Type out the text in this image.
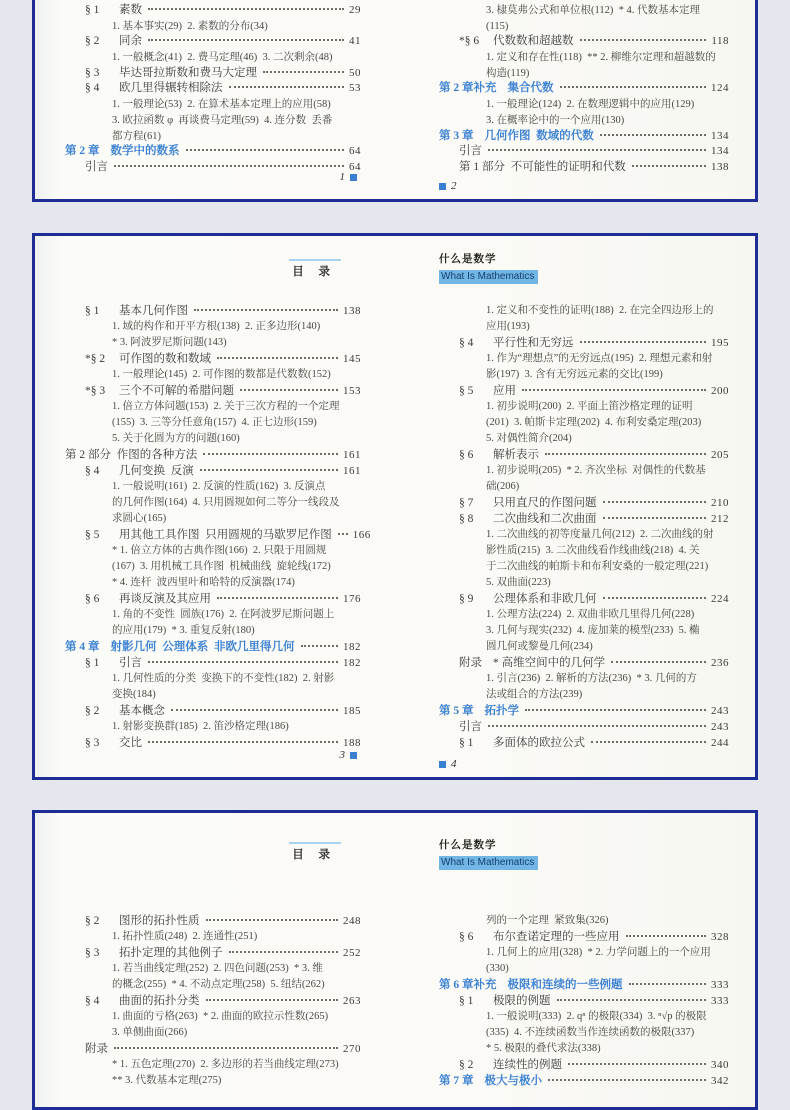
§ 1	素数	29
1. 基本事实(29)  2. 素数的分布(34)
§ 2	同余	41
1. 一般概念(41)  2. 费马定理(46)  3. 二次剩余(48)
§ 3	毕达哥拉斯数和费马大定理	50
§ 4	欧几里得辗转相除法	53
1. 一般理论(53)  2. 在算术基本定理上的应用(58)
3. 欧拉函数 φ  再谈费马定理(59)  4. 连分数  丢番
都方程(61)
第 2 章 数学中的数系	64
引言	64
1
3. 棣莫弗公式和单位根(112)  * 4. 代数基本定理
(115)
*§ 6 代数数和超越数	118
1. 定义和存在性(118)  ** 2. 柳维尔定理和超越数的
构造(119)
第 2 章补充 集合代数	124
1. 一般理论(124)  2. 在数理逻辑中的应用(129)
3. 在概率论中的一个应用(130)
第 3 章 几何作图  数域的代数	134
引言	134
第 1 部分  不可能性的证明和代数	138
2
目  录
§ 1	基本几何作图	138
1. 域的构作和开平方根(138)  2. 正多边形(140)
* 3. 阿波罗尼斯问题(143)
*§ 2 可作图的数和数域	145
1. 一般理论(145)  2. 可作图的数都是代数数(152)
*§ 3 三个不可解的希腊问题	153
1. 倍立方体问题(153)  2. 关于三次方程的一个定理
(155)  3. 三等分任意角(157)  4. 正七边形(159)
5. 关于化圆为方的问题(160)
第 2 部分  作图的各种方法	161
§ 4	几何变换  反演	161
1. 一般说明(161)  2. 反演的性质(162)  3. 反演点
的几何作图(164)  4. 只用圆规如何二等分一线段及
求圆心(165)
§ 5	用其他工具作图  只用圆规的马歇罗尼作图 166
* 1. 倍立方体的古典作图(166)  2. 只限于用圆规
(167)  3. 用机械工具作图  机械曲线  旋轮线(172)
* 4. 连杆  波西里叶和哈特的反演器(174)
§ 6	再谈反演及其应用	176
1. 角的不变性  圆族(176)  2. 在阿波罗尼斯问题上
的应用(179)  * 3. 重复反射(180)
第 4 章 射影几何  公理体系  非欧几里得几何	182
§ 1	引言	182
1. 几何性质的分类  变换下的不变性(182)  2. 射影
变换(184)
§ 2	基本概念	185
1. 射影变换群(185)  2. 笛沙格定理(186)
§ 3	交比	188
3
什么是数学
What Is Mathematics
1. 定义和不变性的证明(188)  2. 在完全四边形上的
应用(193)
§ 4	平行性和无穷远	195
1. 作为“理想点”的无穷远点(195)  2. 理想元素和射
影(197)  3. 含有无穷远元素的交比(199)
§ 5	应用	200
1. 初步说明(200)  2. 平面上笛沙格定理的证明
(201)  3. 帕斯卡定理(202)  4. 布利安桑定理(203)
5. 对偶性简介(204)
§ 6	解析表示	205
1. 初步说明(205)  * 2. 齐次坐标  对偶性的代数基
础(206)
§ 7	只用直尺的作图问题	210
§ 8	二次曲线和二次曲面	212
1. 二次曲线的初等度量几何(212)  2. 二次曲线的射
影性质(215)  3. 二次曲线看作线曲线(218)  4. 关
于二次曲线的帕斯卡和布利安桑的一般定理(221)
5. 双曲面(223)
§ 9	公理体系和非欧几何	224
1. 公理方法(224)  2. 双曲非欧几里得几何(228)
3. 几何与现实(232)  4. 庞加莱的模型(233)  5. 椭
圆几何或黎曼几何(234)
附录 * 高维空间中的几何学	236
1. 引言(236)  2. 解析的方法(236)  * 3. 几何的方
法或组合的方法(239)
第 5 章 拓扑学	243
引言	243
§ 1	多面体的欧拉公式	244
4
目  录
§ 2	图形的拓扑性质	248
1. 拓扑性质(248)  2. 连通性(251)
§ 3	拓扑定理的其他例子	252
1. 若当曲线定理(252)  2. 四色问题(253)  * 3. 维
的概念(255)  * 4. 不动点定理(258)  5. 纽结(262)
§ 4	曲面的拓扑分类	263
1. 曲面的亏格(263)  * 2. 曲面的欧拉示性数(265)
3. 单侧曲面(266)
附录	270
* 1. 五色定理(270)  2. 多边形的若当曲线定理(273)
** 3. 代数基本定理(275)
什么是数学
What Is Mathematics
列的一个定理  紧致集(326)
§ 6	布尔查诺定理的一些应用	328
1. 几何上的应用(328)  * 2. 力学问题上的一个应用
(330)
第 6 章补充 极限和连续的一些例题	333
§ 1	极限的例题	333
1. 一般说明(333)  2. qⁿ 的极限(334)  3. ⁿ√p 的极限
(335)  4. 不连续函数当作连续函数的极限(337)
* 5. 极限的叠代求法(338)
§ 2	连续性的例题	340
第 7 章 极大与极小	342
